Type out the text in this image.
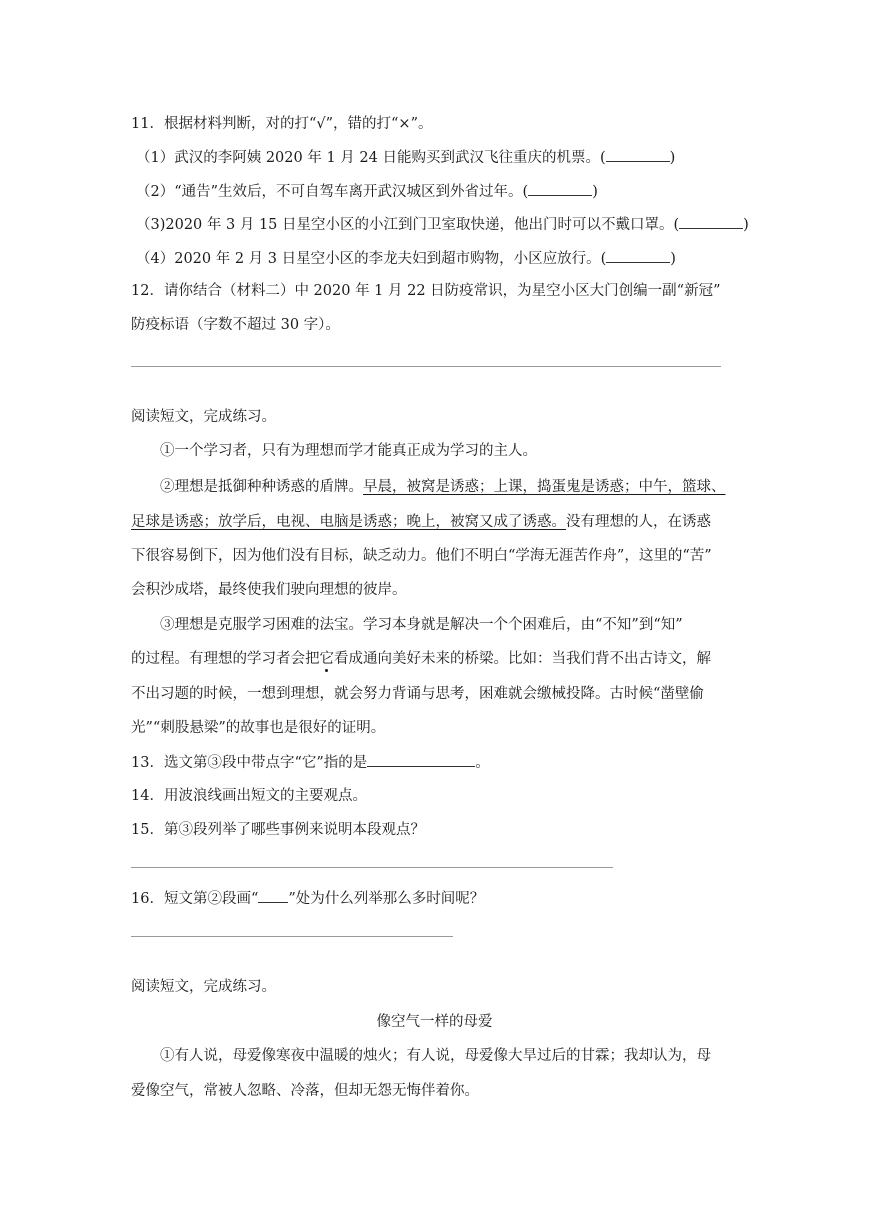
11．根据材料判断，对的打“√”，错的打“×”。
（1）武汉的李阿姨 2020 年 1 月 24 日能购买到武汉飞往重庆的机票。(	)
（2）“通告”生效后，不可自驾车离开武汉城区到外省过年。(	)
（3)2020 年 3 月 15 日星空小区的小江到门卫室取快递，他出门时可以不戴口罩。(	)
（4）2020 年 2 月 3 日星空小区的李龙夫妇到超市购物，小区应放行。(	)
12．请你结合（材料二）中 2020 年 1 月 22 日防疫常识，为星空小区大门创编一副“新冠”
防疫标语（字数不超过 30 字）。
阅读短文，完成练习。
①一个学习者，只有为理想而学才能真正成为学习的主人。
②理想是抵御种种诱惑的盾牌。早晨，被窝是诱惑；上课，捣蛋鬼是诱惑；中午，篮球、
足球是诱惑；放学后，电视、电脑是诱惑；晚上，被窝又成了诱惑。没有理想的人，在诱惑
下很容易倒下，因为他们没有目标，缺乏动力。他们不明白“学海无涯苦作舟”，这里的“苦”
会积沙成塔，最终使我们驶向理想的彼岸。
③理想是克服学习困难的法宝。学习本身就是解决一个个困难后，由“不知”到“知”
的过程。有理想的学习者会把它看成通向美好未来的桥梁。比如：当我们背不出古诗文，解
不出习题的时候，一想到理想，就会努力背诵与思考，困难就会缴械投降。古时候“凿壁偷
光”“刺股悬梁”的故事也是很好的证明。
13．选文第③段中带点字“它”指的是	。
14．用波浪线画出短文的主要观点。
15．第③段列举了哪些事例来说明本段观点？
16．短文第②段画“ ”处为什么列举那么多时间呢？
阅读短文，完成练习。
像空气一样的母爱
①有人说，母爱像寒夜中温暖的烛火；有人说，母爱像大旱过后的甘霖；我却认为，母
爱像空气，常被人忽略、冷落，但却无怨无悔伴着你。
